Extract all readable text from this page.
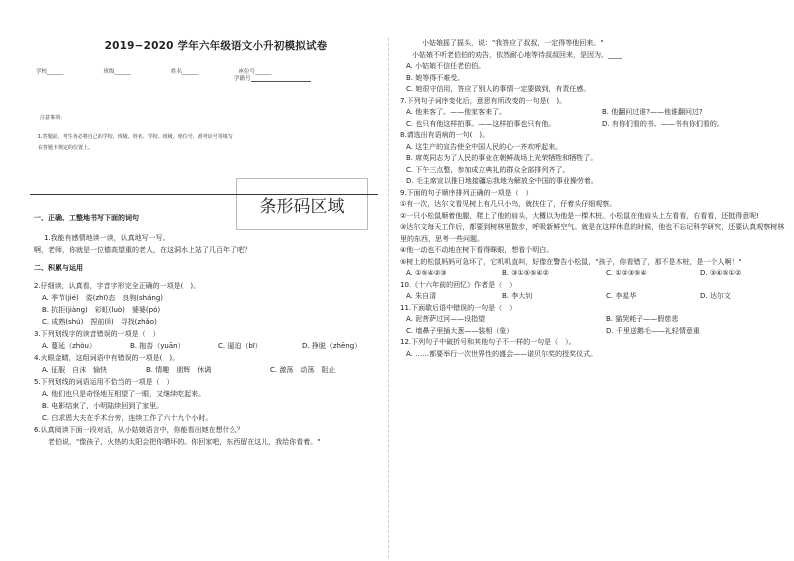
2019−2020 学年六年级语文小升初模拟试卷
学校______	班级______	姓名______	座位号______
学籍号
注意事项：
1.答题前，考生务必将自己的学校、班级、姓名、学校、班级、座位号、准考证号等填写在答题卡规定的位置上。
条形码区域
一、正确、工整地书写下面的词句
1.我能有感情地读一读，认真地写一写。
啊，老师，你就是一位德高望重的老人，在这洞水上站了几百年了吧？
二、积累与运用
2.仔细读，认真看，字音字形完全正确的一项是(　)。
A. 季节(jié)　姿(zhī)态　良驹(sháng)
B. 抗拒(jiàng)　彩虹(luò)　婆婆(pó)
C. 成熟(shú)　捏前(lì)　寻找(zhǎo)
3.下列划线字的读音错误的一项是（　）
A. 蔓延（zhòu）	B. 拖沓（yuān）	C. 逼迫（bī）	D. 挣脱（zhēng）
4.火眼金睛，这组词语中有错误的一项是(　)。
A. 征服　自沫　愉快	B. 情趣　朋辉　休调	C. 激荡　动荡　阻止
5.下列划线的词语运用不恰当的一项是（　）
A. 他们也只是奇怪地互相望了一眼，又继续吃起来。
B. 电影结束了，小明陆续回到了家里。
C. 白求恩大夫在手术台旁，连续工作了六十九个小时。
6.认真阅读下面一段对话，从小姑娘语言中，你能看出她在想什么？
老伯说，"像孩子，火热的太阳会把你晒坏的。你回家吧，东西留在这儿，我给你看着。"

小姑娘摇了摇头，说："我答应了叔叔，一定得等他回来。"

小姑娘不听老伯伯的劝告，依然耐心地等待叔叔回来，是因为。____

A. 小姑娘不信任老伯伯。

B. 她等得不难受。

C. 她很守信用，答应了别人的事情一定要做到，有责任感。

7.下列句子词序变化后，意思有所改变的一句是(　)。

A. 他来客了。——他家客来了。	B. 他翻问过谁?——他谁翻问过?
C. 也只有他这样拍事。——这样拍事也只有他。	D. 有你们看的书。——书有你们看的。

8.请选出有语病的一句(　)。

A. 这生产的宣告使全中国人民的心一齐欢呼起来。

B. 席英同志为了人民的事业在朝鲜战场上光荣牺牲和牺牲了。

C. 下午三点整，参加成立典礼的群众全部排列齐了。

D. 毛主席宣以推日地接疆忘我地为解放全中国的事业操劳着。

9.下面的句子顺序排列正确的一项是（　）

①有一次，达尔文看见树上有几只小鸟，就扶住了，仔着头仔细观察。

②一只小松鼠顺着他腿，爬上了他的肩头，大概以为他是一棵木桩。小松鼠在他肩头上左看看，右看看，还挺得意呢!

③达尔文每天工作后，都要到树林里散步，呼吸新鲜空气。就是在这样休息的时候，他也不忘记科学研究，还要认真观察树林里的东西，思考一些问题。

④他一动也不动地在树下看得眯眼，想看个明白。

⑤树上的松鼠妈妈可急坏了，它叽叽直叫，好像在警告小松鼠，"孩子，你看错了，那不是木桩，是一个人啊！"

A. ①⑤④②③	B. ③①⑤⑤④②	C. ①②③⑤④	D. ③④⑤①②

10.《十六年前的回忆》作者是（　）

A. 朱自清	B. 李大钊	C. 李星华	D. 达尔文

11.下面歇后语中错误的一句是（　）

A. 泥菩萨过河——设指望	B. 猫哭耗子——假慈悲
C. 墙鼻子里插大葱——装相（象）	D. 千里送鹅毛——礼轻情意重

12.下列句子中破折号和其他句子不一样的一句是（　）。

A. ……都要举行一次世界性的盛会——诺贝尔奖的授奖仪式。
